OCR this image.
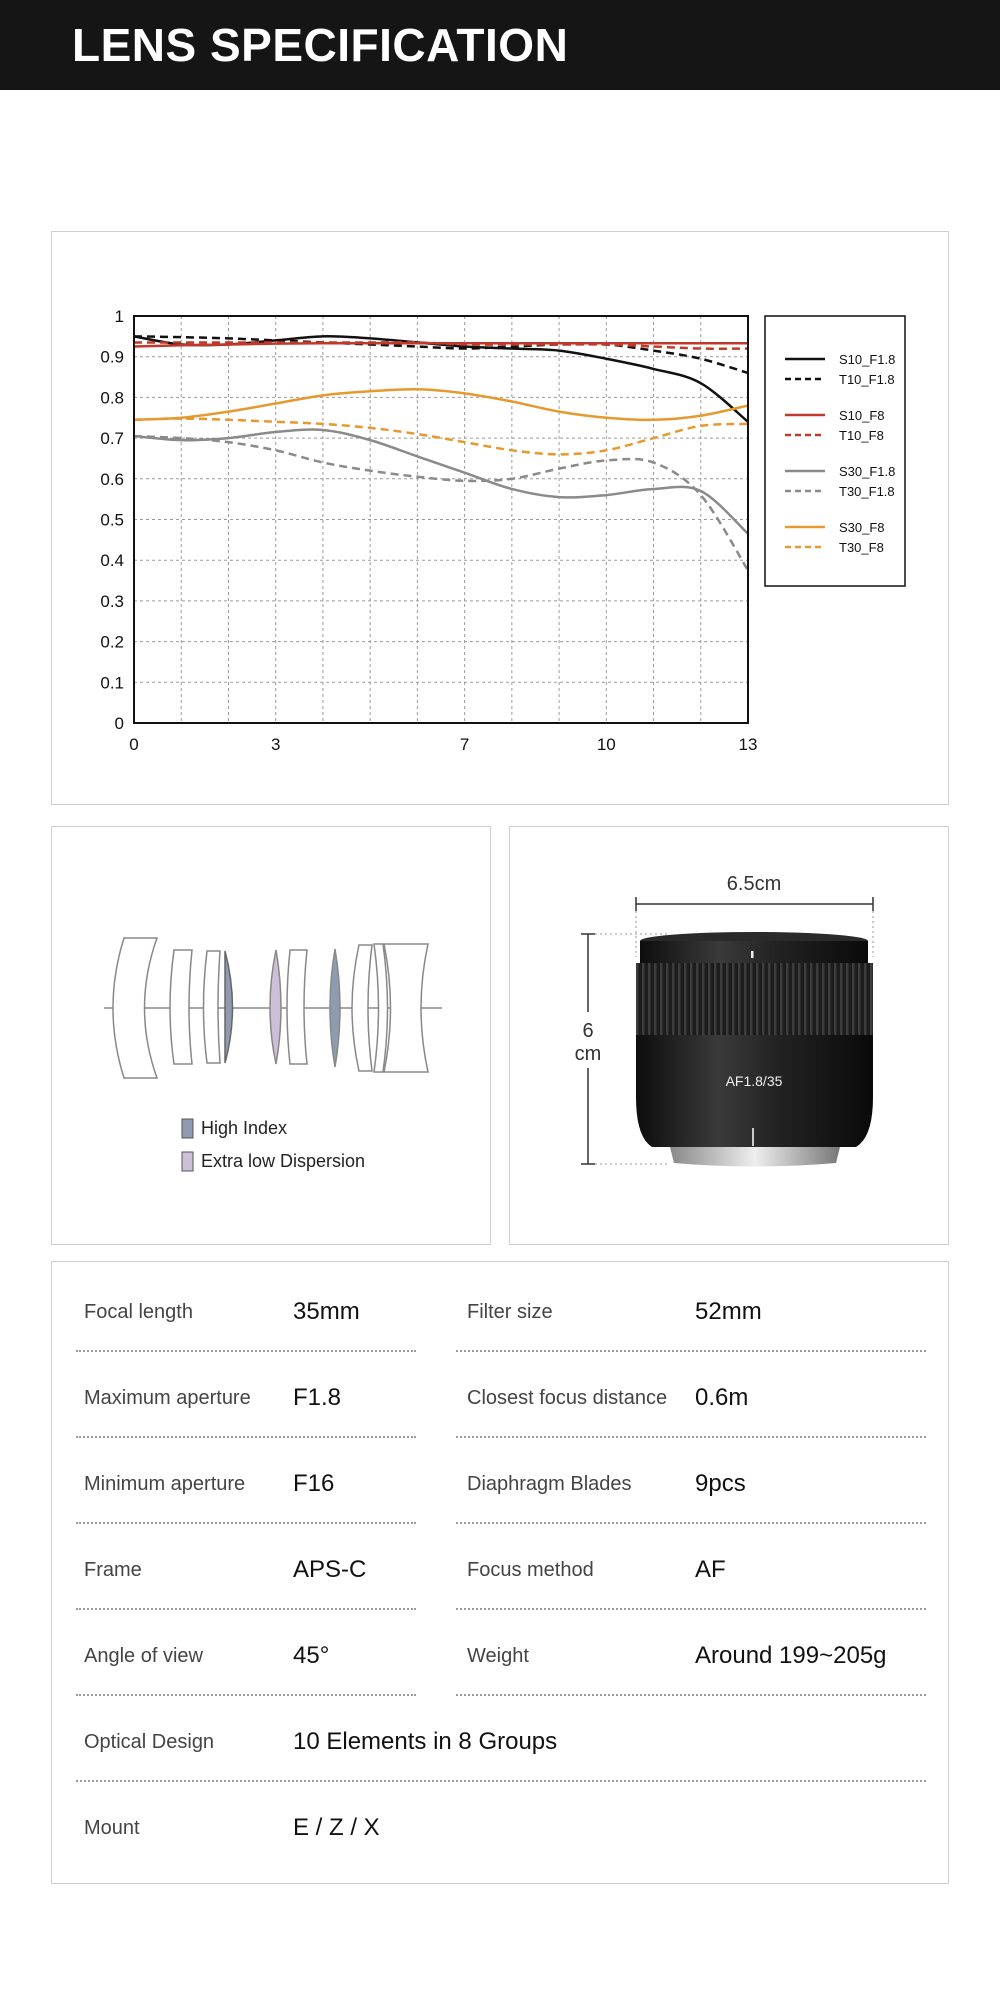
LENS SPECIFICATION
0
0.1
0.2
0.3
0.4
0.5
0.6
0.7
0.8
0.9
1
0	3	7	10	13
S10_F1.8
T10_F1.8
S10_F8
T10_F8
S30_F1.8
T30_F1.8
S30_F8
T30_F8
High Index
Extra low Dispersion
AF1.8/35
6.5cm
6
cm
Focal length	35mm	Filter size	52mm
Maximum aperture F1.8	Closest focus distance 0.6m
Minimum aperture F16	Diaphragm Blades	9pcs
Frame	APS-C	Focus method	AF
Angle of view	45°	Weight	Around 199~205g
Optical Design	10 Elements in 8 Groups
Mount	E / Z / X
